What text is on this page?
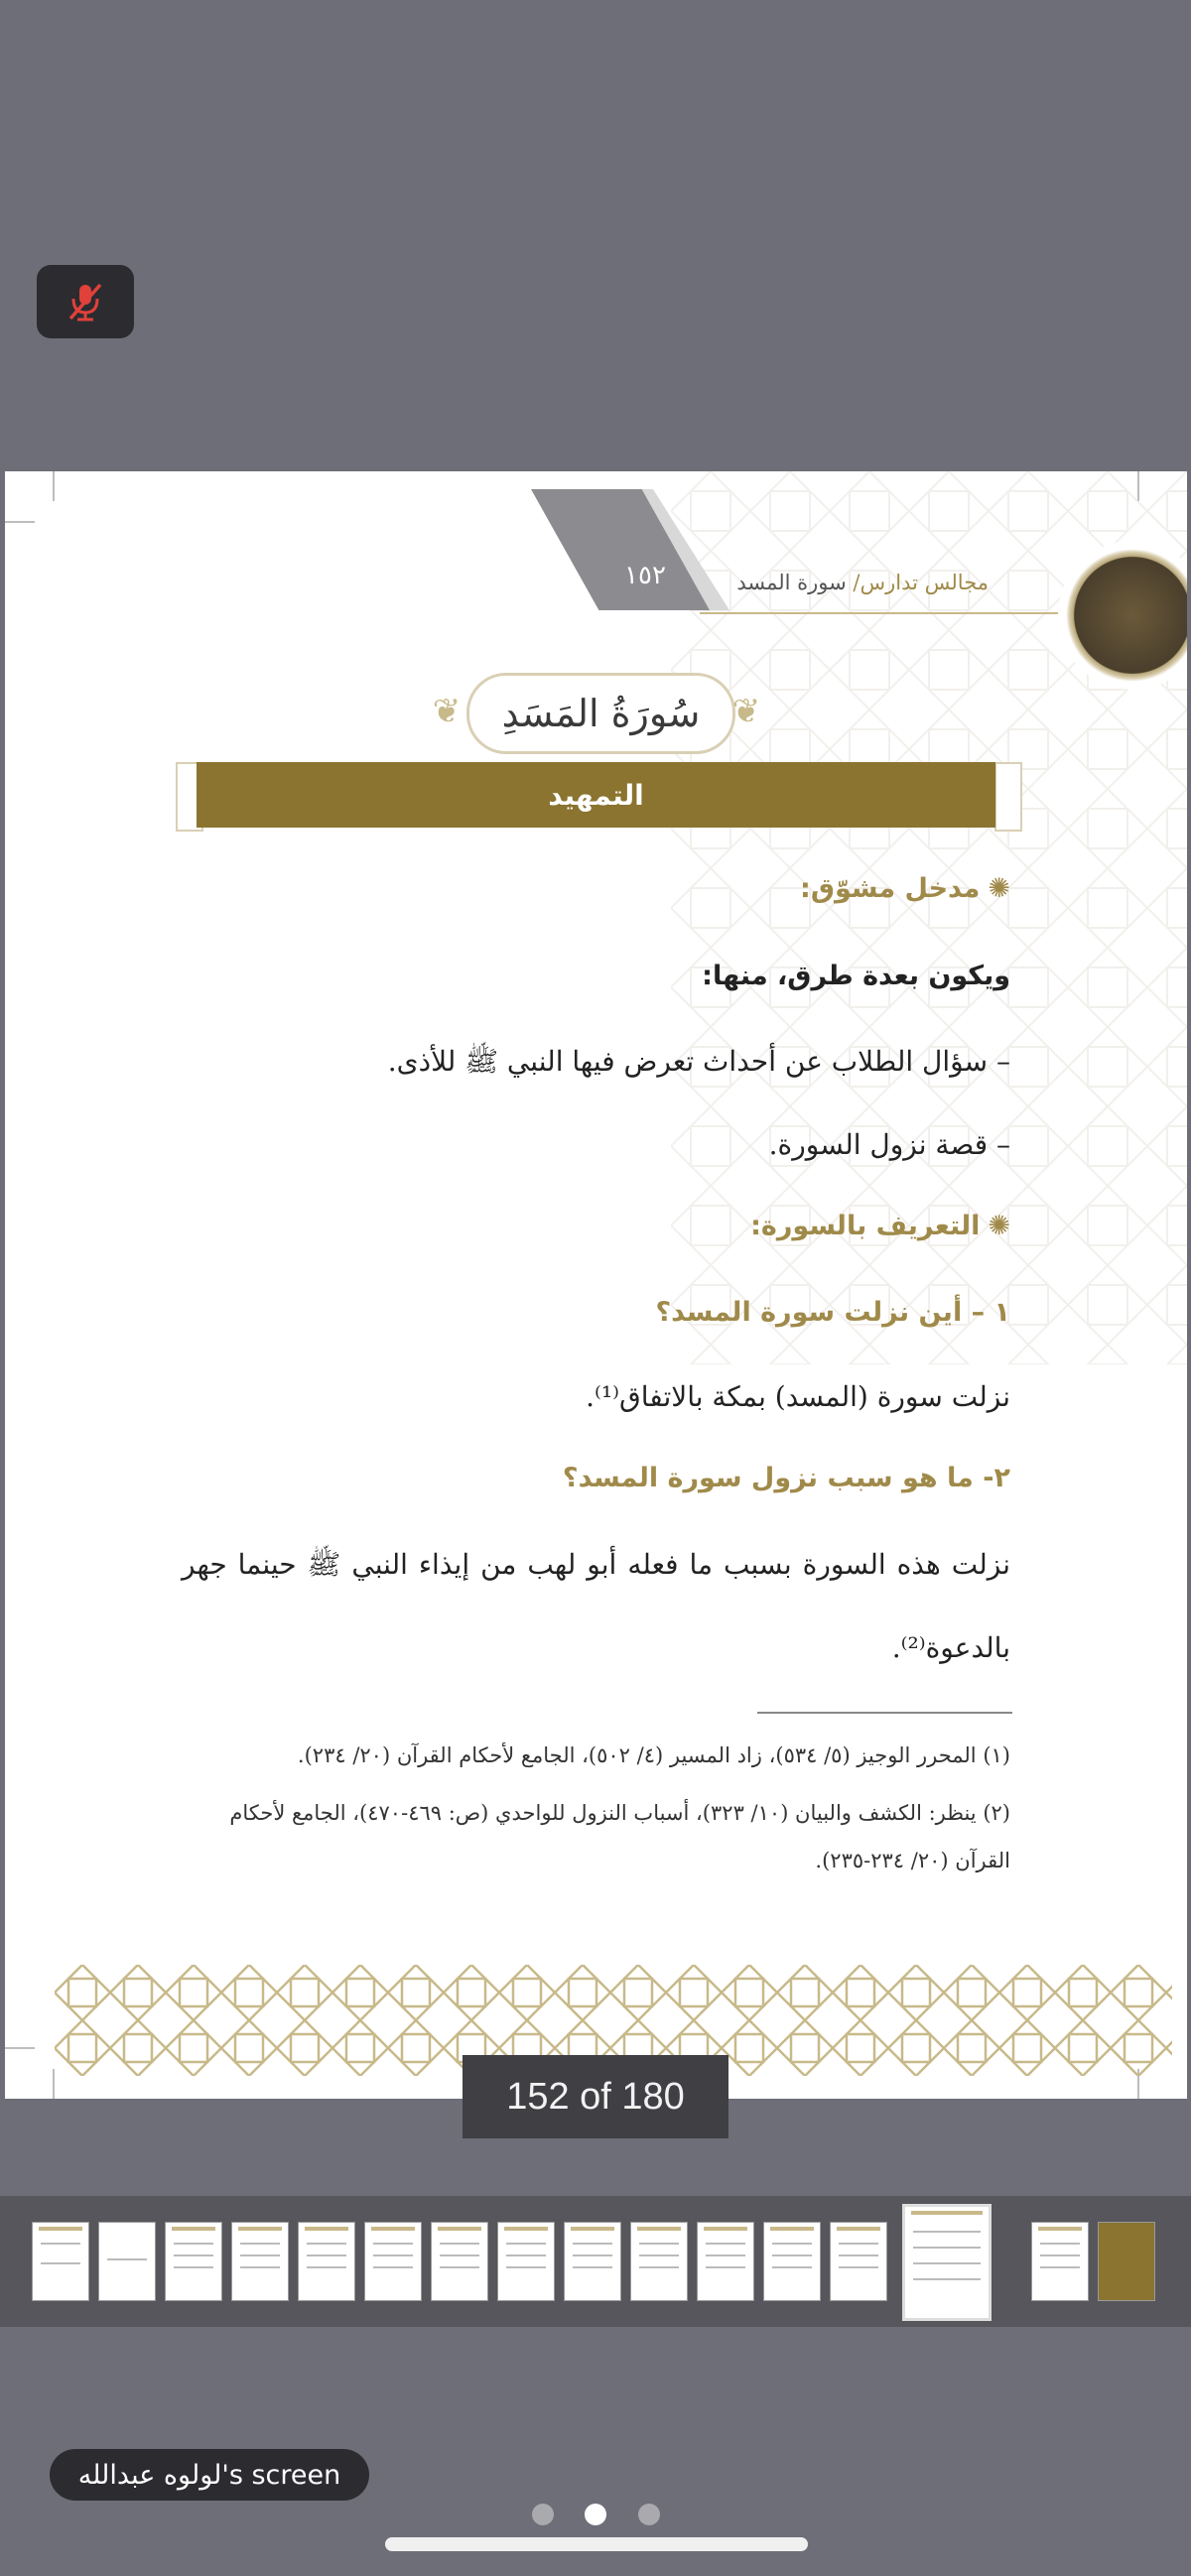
١٥٢	مجالس تدارس/ سورة المسد
❦	سُورَةُ المَسَدِ ❦
التمهيد
✺مدخل مشوّق:
ويكون بعدة طرق، منها:
– سؤال الطلاب عن أحداث تعرض فيها النبي ﷺ للأذى.
– قصة نزول السورة.
✺التعريف بالسورة:
١ – أين نزلت سورة المسد؟
نزلت سورة (المسد) بمكة بالاتفاق⁽¹⁾.
٢- ما هو سبب نزول سورة المسد؟
نزلت هذه السورة بسبب ما فعله أبو لهب من إيذاء النبي ﷺ حينما جهر بالدعوة⁽²⁾.
(١) المحرر الوجيز (٥/ ٥٣٤)، زاد المسير (٤/ ٥٠٢)، الجامع لأحكام القرآن (٢٠/ ٢٣٤).
(٢) ينظر: الكشف والبيان (١٠/ ٣٢٣)، أسباب النزول للواحدي (ص: ٤٦٩-٤٧٠)، الجامع لأحكام القرآن (٢٠/ ٢٣٤-٢٣٥).
152 of 180
لولوه عبدالله's screen
